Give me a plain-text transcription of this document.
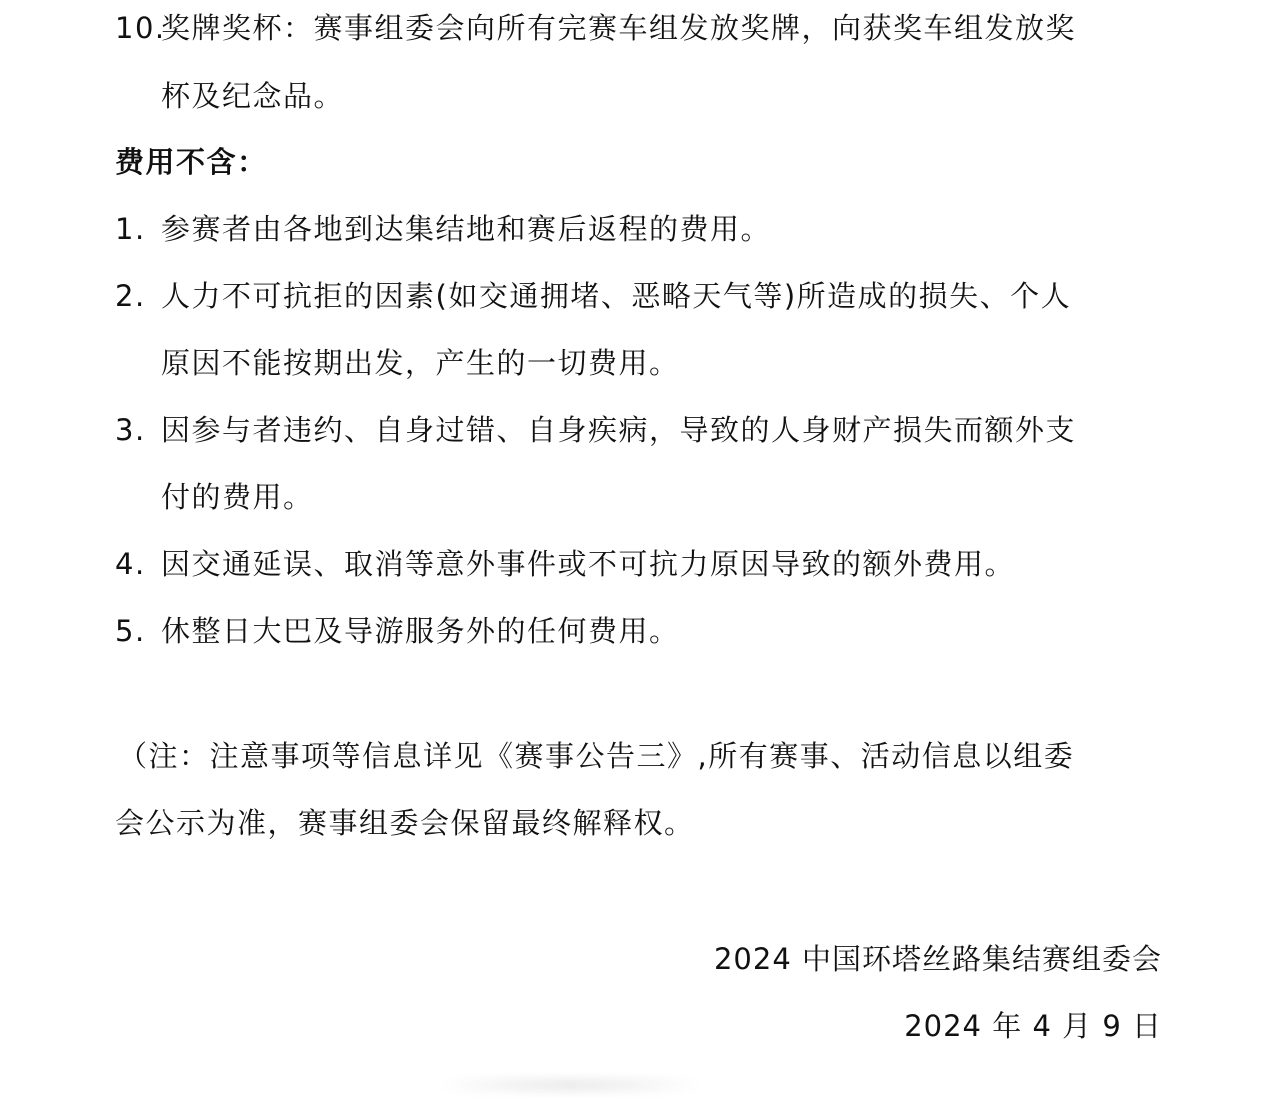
10.奖牌奖杯：赛事组委会向所有完赛车组发放奖牌，向获奖车组发放奖
杯及纪念品。
费用不含：
1. 参赛者由各地到达集结地和赛后返程的费用。
2. 人力不可抗拒的因素(如交通拥堵、恶略天气等)所造成的损失、个人
原因不能按期出发，产生的一切费用。
3. 因参与者违约、自身过错、自身疾病，导致的人身财产损失而额外支
付的费用。
4. 因交通延误、取消等意外事件或不可抗力原因导致的额外费用。
5. 休整日大巴及导游服务外的任何费用。
（注：注意事项等信息详见《赛事公告三》,所有赛事、活动信息以组委
会公示为准，赛事组委会保留最终解释权。
2024 中国环塔丝路集结赛组委会
2024 年 4 月 9 日
